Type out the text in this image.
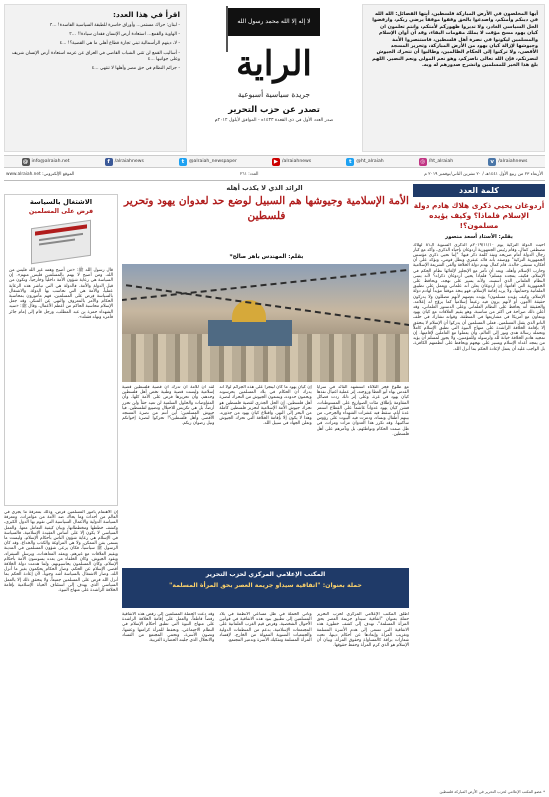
أيها المخلصون في الأرض المباركة فلسطين، أيتها الفصائل: الله الله في دينكم وأمتكم، واصدعوا بالحق وقفوا موقفاً يرضي ربكم، وارفضوا الحل السياسي الغادر، ولا تديروا ظهوركم لأمتكم، وانتم تعلمون ان كيان يهود مسخ مؤقت لا يملك مقومات البقاء، وقد آن أوان الإسلام والمسلمين ليكونوا في نصرة أهل فلسطين، فاستنصروا الأمة وجيوشها لإزالة كيان يهود من الأرض المباركة، وتحرير المسجد الأقصى، ولا تركنوا إلى الحكام الظالمين، وطالبوا أن تتحرك الجيوش لنصرتكم، فإن الله تعالى ناصركم، وهو نعم المولى ونعم النصير. اللهم بلغ هذا الخير للمسلمين وانشرح صدورهم له وبه.

لا إله إلا الله محمد رسول الله
الراية
جريدة سياسية أسبوعية
تصدر عن حزب التحرير
صدر العدد الأول في ذي القعدة ١٤٣٣ه - الموافق لأيلول ٢٠١٢م
اقرأ في هذا العدد:
- لبنان: حراك مستمر... وأوراق خاسرة للطبقة السياسية الفاسدة! ...٣
- الهاوية والقمع... استعادة أرض الإنسان فقدان سيادة!! ...٣
- لا، دينهم الرأسمالية تبني تجارة قطاع أهلي ما هي القضية؟! ...٤
- أساليب القمع لن تثني الشباب القاضي في العراق عن عزمه استعادة أرض الإنسان شريف وعلى جوانبها ...٤
- جرائم النظام في حق مصر وأهلها لا تنتهي ...٤
@ info@alraiah.net	f	/alraiahnews	t	@alraiah_newspaper	▶ /alraiahnews	t	@ht_alraiah	◎ /ht_alraiah	v /alraiahnews
الأربعاء ٢٣ من ربيع الأول ١٤٤١هـ / ٢٠ تشرين الثاني/نوفمبر ٢٠١٩ م
العدد: ٢٦١
الموقع الإلكتروني: www.alraiah.net
كلمة العدد
أردوغان يحيي ذكرى هلاك هادم دولة الإسلام فلماذا؟ وكيف يؤيده مسلمون؟!
بقلم: الأستاذ أسعد منصور
أحيت الدولة التركية يوم ٢٠١٩/١١/١٠م الذكرى السنوية الـ٨١ لهلاك مصطفى كمال، وقام رئيس الجمهورية أردوغان بإحياء الذكرى، وأكد مع كبار رجال الدولة أمام ضريحه ونفذ كلمة ذكر فيها: "إننا نحيي ذكرى مؤسس الجمهورية التركية" ووصفه بأنه قائد عبقري وبطل قومي، ونؤكد على أن أفكاره ستبقى خالدة. قام كمال بهدم دولة الخلافة وألغى الشريعة الإسلامية وحارب الإسلام وأهله، وبعد أن تآمر مع الإنجليز لإلغائها نظام الحكم في الإسلام، فكيف يمجده مسلم؟ فلماذا يحيي أردوغان ذكراه؟ لأنه يتبنى النظام العلماني الذي أسسه، ولأنه يسير على نهجه، ويحافظ على الجمهورية التي أقامها. إن أردوغان يعلن أنه علماني ويعمل على تطبيق العلمانية وحمايتها، ولا يريد إقامة الإسلام، فهو يتخذ موقفاً مؤيداً لهادم دولة الإسلام. وكيف يؤيده مسلمون؟ يؤيده بعضهم لأنهم مضللون ولا يدركون حقيقة الأمور، أو لأنهم يرون فيه زعيماً إسلامياً كما يروّج له إعلامه. والحقيقة أنه يحافظ على النظام العلماني وعلى الدستور العلماني، وقد أعلن ذلك صراحة في أكثر من مناسبة، وهو يقيم العلاقات مع كيان يهود ويتعاون مع أمريكا في مشاريعها في المنطقة، وقواته تشارك في حلف الناتو الذي يقتل المسلمين. فعلى المسلمين أن يدركوا أن الإسلام لا يتحقق إلا بإقامة الخلافة الراشدة على منهاج النبوة التي تطبق الإسلام كاملاً وتحمله رسالة هدى ونور إلى العالم، وأن يعملوا مع العاملين لإقامتها. إن تمجيد هادم الخلافة خيانة لله ولرسوله وللمؤمنين، ولا يجوز لمسلم أن يؤيد من يمجد أعداء الإسلام ويسير على نهجهم ويحافظ على أنظمتهم الكافرة، بل الواجب عليه أن يعمل لإعادة الحكم بما أنزل الله.
الرائد الذي لا يكذب أهله
الأمة الإسلامية وجيوشها هم السبيل لوضع حد لعدوان يهود وتحرير فلسطين
بقلم: المهندس باهر صالح*
الاشتغال بالسياسة
فرض على المسلمين
قال رسول الله ﷺ: «من أصبح وهمه غير الله فليس من الله، ومن أصبح لا يهتم بالمسلمين فليس منهم». إن السياسة هي رعاية شؤون الأمة داخلياً وخارجياً، وتكون من قبل الدولة والأمة، فالدولة هي التي تباشر هذه الرعاية عملياً، والأمة هي التي تحاسب بها الدولة. والاشتغال بالسياسة فرض على المسلمين، فهم مأمورون بمحاسبة الحكام والأمر بالمعروف والنهي عن المنكر، وقد جعل الإسلام محاسبة الحاكم من أعظم الأعمال، وقال ﷺ: «سيد الشهداء حمزة بن عبد المطلب، ورجل قام إلى إمام جائر فأمره ونهاه فقتله».
مع طلوع فجر الثلاثاء استشهد القائد في سرايا القدس بهاء أبو العطا وزوجته، إثر عملية اغتيال نفذها كيان يهود في غزة، وعلى إثر ذلك ردت فصائل المقاومة بإطلاق مئات الصواريخ على المستوطنات، فشن كيان يهود عدواناً غاشماً على القطاع استمر عدة أيام، سقط فيه عشرات الشهداء والجرحى، من بينهم أطفال ونساء، ودمرت فيه البيوت على رؤوس ساكنيها. وقد تكرر هذا العدوان مرات ومرات، في ظل صمت الحكام وتواطئهم، بل وتآمرهم على أهل فلسطين.
إن كيان يهود ما كان ليتجرأ على هذه الجرائم لولا أنه يدرك أن الحكام في بلاد المسلمين يحرسونه ويحمون حدوده، ويمنعون الجيوش من التحرك لنصرة أهل فلسطين. إن الحل الجذري لقضية فلسطين هو تحرك جيوش الأمة الإسلامية لتحرير فلسطين كاملة من البحر إلى النهر، واقتلاع كيان يهود من جذوره، وهذا لا يكون إلا بإقامة الخلافة التي تحرك الجيوش وتعلن الجهاد في سبيل الله.
لقد آن للأمة أن تدرك أن قضية فلسطين قضية إسلامية وليست قضية وطنية تخص أهل فلسطين وحدهم، وأن تحريرها فرض على الأمة كلها، وأن المفاوضات والحلول السلمية لن تعيد حقاً ولن تحرر أرضاً، بل هي تكريس للاحتلال وتضييع لفلسطين. فيا جيوش المسلمين: أين أنتم من نصرة المسجد الأقصى وأهل فلسطين؟! تحركوا لنصرة إخوانكم ونيل رضوان ربكم.
المكتب الإعلامي المركزي لحزب التحرير
حملة بعنوان: "اتفاقية سيداو جريمة العصر بحق المرأة المسلمة"
أطلق المكتب الإعلامي المركزي لحزب التحرير حملة بعنوان "اتفاقية سيداو جريمة العصر بحق المرأة المسلمة"، تهدف إلى كشف خطورة هذه الاتفاقية التي تسعى إلى هدم الأسرة المسلمة وتغريب المرأة وإبعادها عن أحكام دينها، تحت شعارات براقة كالمساواة وحقوق المرأة، وبيان أن الإسلام هو الذي كرم المرأة وحفظ حقوقها.
وتأتي الحملة في ظل مساعي الأنظمة في بلاد المسلمين إلى تطبيق بنود هذه الاتفاقية في قوانين الأحوال الشخصية، وفرض قيم الغرب العلمانية على المجتمعات الإسلامية، بدعم من المنظمات الدولية والجمعيات النسوية الممولة من الخارج، لإفساد المرأة المسلمة وتفكيك الأسرة وتدمير المجتمع.
وقد دعت الحملة المسلمين إلى رفض هذه الاتفاقية رفضاً قاطعاً، والعمل على إقامة الخلافة الراشدة على منهاج النبوة التي تطبق أحكام الإسلام في النظام الاجتماعي، وتحفظ للمرأة كرامتها وعفتها، وتصون الأسرة، وتحمي المجتمع من الفساد والانحلال الذي جلبته الحضارة الغربية.
إن الاهتمام بأمور المسلمين فرض، وذلك بمعرفة ما يجري في العالم من أحداث وما يحاك ضد الأمة من مؤامرات، ومعرفة السياسة الدولية والأعمال السياسية التي تقوم بها الدول الكبرى، وكشف خططها ومخططاتها، وبيان كيفية التعامل معها. والعمل السياسي لا يكون إلا على أساس العقيدة الإسلامية، فالسياسة في الإسلام هي رعاية شؤون الناس بأحكام الإسلام، وليست ما يسمى بفن الممكن، ولا هي المراوغة والكذب والخداع. وقد كان الرسول ﷺ سياسياً، فكان يرعى شؤون المسلمين في المدينة ويقيم العلاقات مع غيرهم، ويعقد المعاهدات، ويرسل السفراء، ويقود الجيوش. وكان الخلفاء من بعده يسوسون الأمة بأحكام الإسلام، وكان المسلمون يحاسبونهم. ولما هدمت دولة الخلافة أقصي الإسلام عن الحكم، وصار الحكام يحكمون بغير ما أنزل الله، وصار الاشتغال بالسياسة أشد وجوباً، لأن إعادة الحكم بما أنزل الله فرض على المسلمين جميعاً، ولا يتحقق ذلك إلا بالعمل السياسي الذي يهدف إلى استئناف الحياة الإسلامية بإقامة الخلافة الراشدة على منهاج النبوة.
* عضو المكتب الإعلامي لحزب التحرير في الأرض المباركة فلسطين
